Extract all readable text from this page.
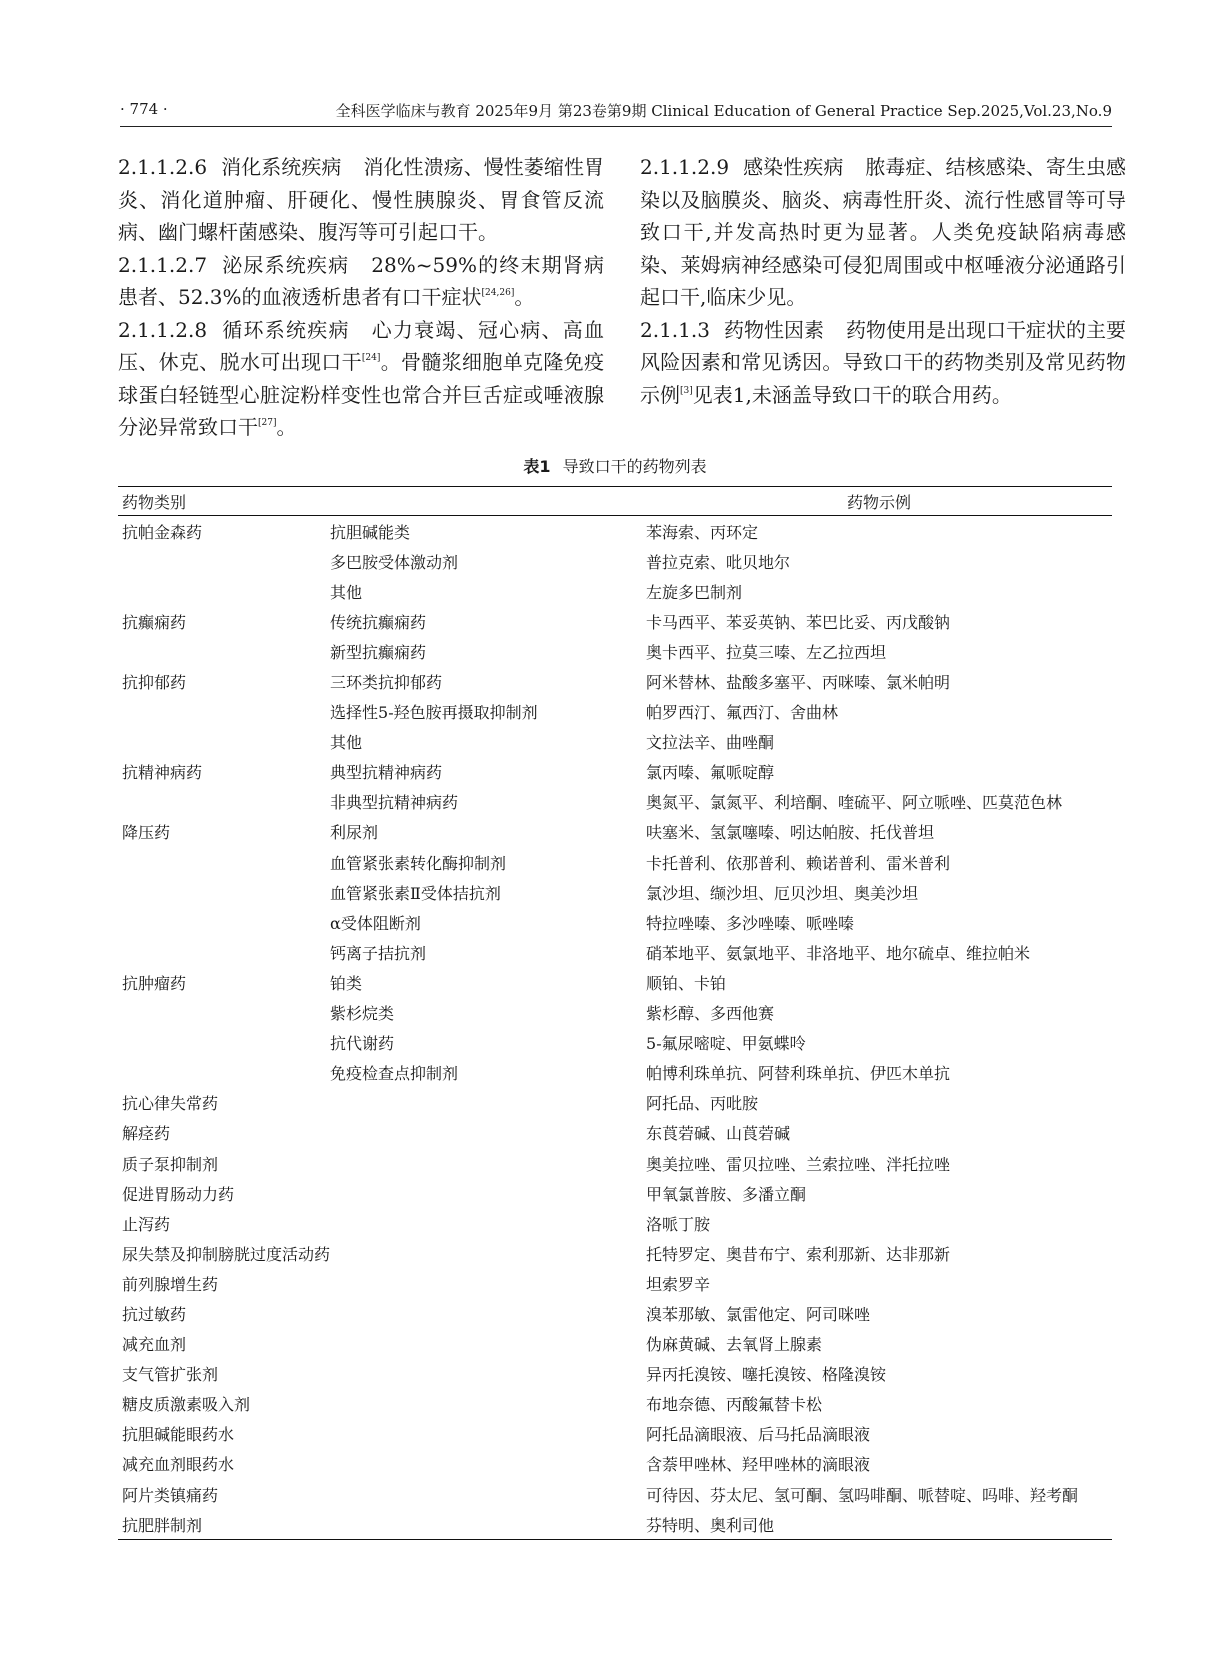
· 774 ·	全科医学临床与教育 2025年9月 第23卷第9期 Clinical Education of General Practice Sep.2025,Vol.23,No.9

2.1.1.2.6 消化系统疾病 消化性溃疡、慢性萎缩性胃炎、消化道肿瘤、肝硬化、慢性胰腺炎、胃食管反流病、幽门螺杆菌感染、腹泻等可引起口干。

2.1.1.2.7 泌尿系统疾病 28%~59%的终末期肾病患者、52.3%的血液透析患者有口干症状[24,26]。

2.1.1.2.8 循环系统疾病 心力衰竭、冠心病、高血压、休克、脱水可出现口干[24]。骨髓浆细胞单克隆免疫球蛋白轻链型心脏淀粉样变性也常合并巨舌症或唾液腺分泌异常致口干[27]。

2.1.1.2.9 感染性疾病 脓毒症、结核感染、寄生虫感染以及脑膜炎、脑炎、病毒性肝炎、流行性感冒等可导致口干,并发高热时更为显著。人类免疫缺陷病毒感染、莱姆病神经感染可侵犯周围或中枢唾液分泌通路引起口干,临床少见。

2.1.1.3 药物性因素 药物使用是出现口干症状的主要风险因素和常见诱因。导致口干的药物类别及常见药物示例[3]见表1,未涵盖导致口干的联合用药。

表1 导致口干的药物列表
药物类别		药物示例
抗帕金森药	抗胆碱能类	苯海索、丙环定
	多巴胺受体激动剂	普拉克索、吡贝地尔
	其他	左旋多巴制剂
抗癫痫药	传统抗癫痫药	卡马西平、苯妥英钠、苯巴比妥、丙戊酸钠
	新型抗癫痫药	奥卡西平、拉莫三嗪、左乙拉西坦
抗抑郁药	三环类抗抑郁药	阿米替林、盐酸多塞平、丙咪嗪、氯米帕明
	选择性5-羟色胺再摄取抑制剂	帕罗西汀、氟西汀、舍曲林
	其他	文拉法辛、曲唑酮
抗精神病药	典型抗精神病药	氯丙嗪、氟哌啶醇
	非典型抗精神病药	奥氮平、氯氮平、利培酮、喹硫平、阿立哌唑、匹莫范色林
降压药	利尿剂	呋塞米、氢氯噻嗪、吲达帕胺、托伐普坦
	血管紧张素转化酶抑制剂	卡托普利、依那普利、赖诺普利、雷米普利
	血管紧张素Ⅱ受体拮抗剂	氯沙坦、缬沙坦、厄贝沙坦、奥美沙坦
	α受体阻断剂	特拉唑嗪、多沙唑嗪、哌唑嗪
	钙离子拮抗剂	硝苯地平、氨氯地平、非洛地平、地尔硫卓、维拉帕米
抗肿瘤药	铂类	顺铂、卡铂
	紫杉烷类	紫杉醇、多西他赛
	抗代谢药	5-氟尿嘧啶、甲氨蝶呤
	免疫检查点抑制剂	帕博利珠单抗、阿替利珠单抗、伊匹木单抗
抗心律失常药		阿托品、丙吡胺
解痉药		东莨菪碱、山莨菪碱
质子泵抑制剂		奥美拉唑、雷贝拉唑、兰索拉唑、泮托拉唑
促进胃肠动力药		甲氧氯普胺、多潘立酮
止泻药		洛哌丁胺
尿失禁及抑制膀胱过度活动药		托特罗定、奥昔布宁、索利那新、达非那新
前列腺增生药		坦索罗辛
抗过敏药		溴苯那敏、氯雷他定、阿司咪唑
减充血剂		伪麻黄碱、去氧肾上腺素
支气管扩张剂		异丙托溴铵、噻托溴铵、格隆溴铵
糖皮质激素吸入剂		布地奈德、丙酸氟替卡松
抗胆碱能眼药水		阿托品滴眼液、后马托品滴眼液
减充血剂眼药水		含萘甲唑林、羟甲唑林的滴眼液
阿片类镇痛药		可待因、芬太尼、氢可酮、氢吗啡酮、哌替啶、吗啡、羟考酮
抗肥胖制剂		芬特明、奥利司他
